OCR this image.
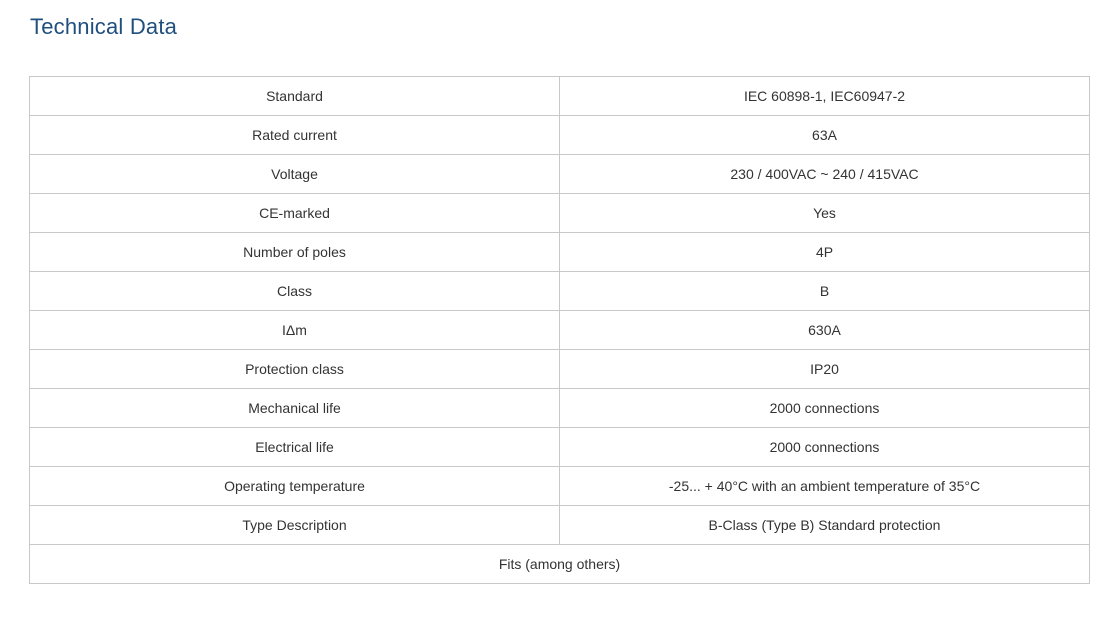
Technical Data
Standard	IEC 60898-1, IEC60947-2
Rated current	63A
Voltage	230 / 400VAC ~ 240 / 415VAC
CE-marked	Yes
Number of poles	4P
Class	B
IΔm	630A
Protection class	IP20
Mechanical life	2000 connections
Electrical life	2000 connections
Operating temperature	-25... + 40°C with an ambient temperature of 35°C
Type Description	B-Class (Type B) Standard protection
Fits (among others)	
